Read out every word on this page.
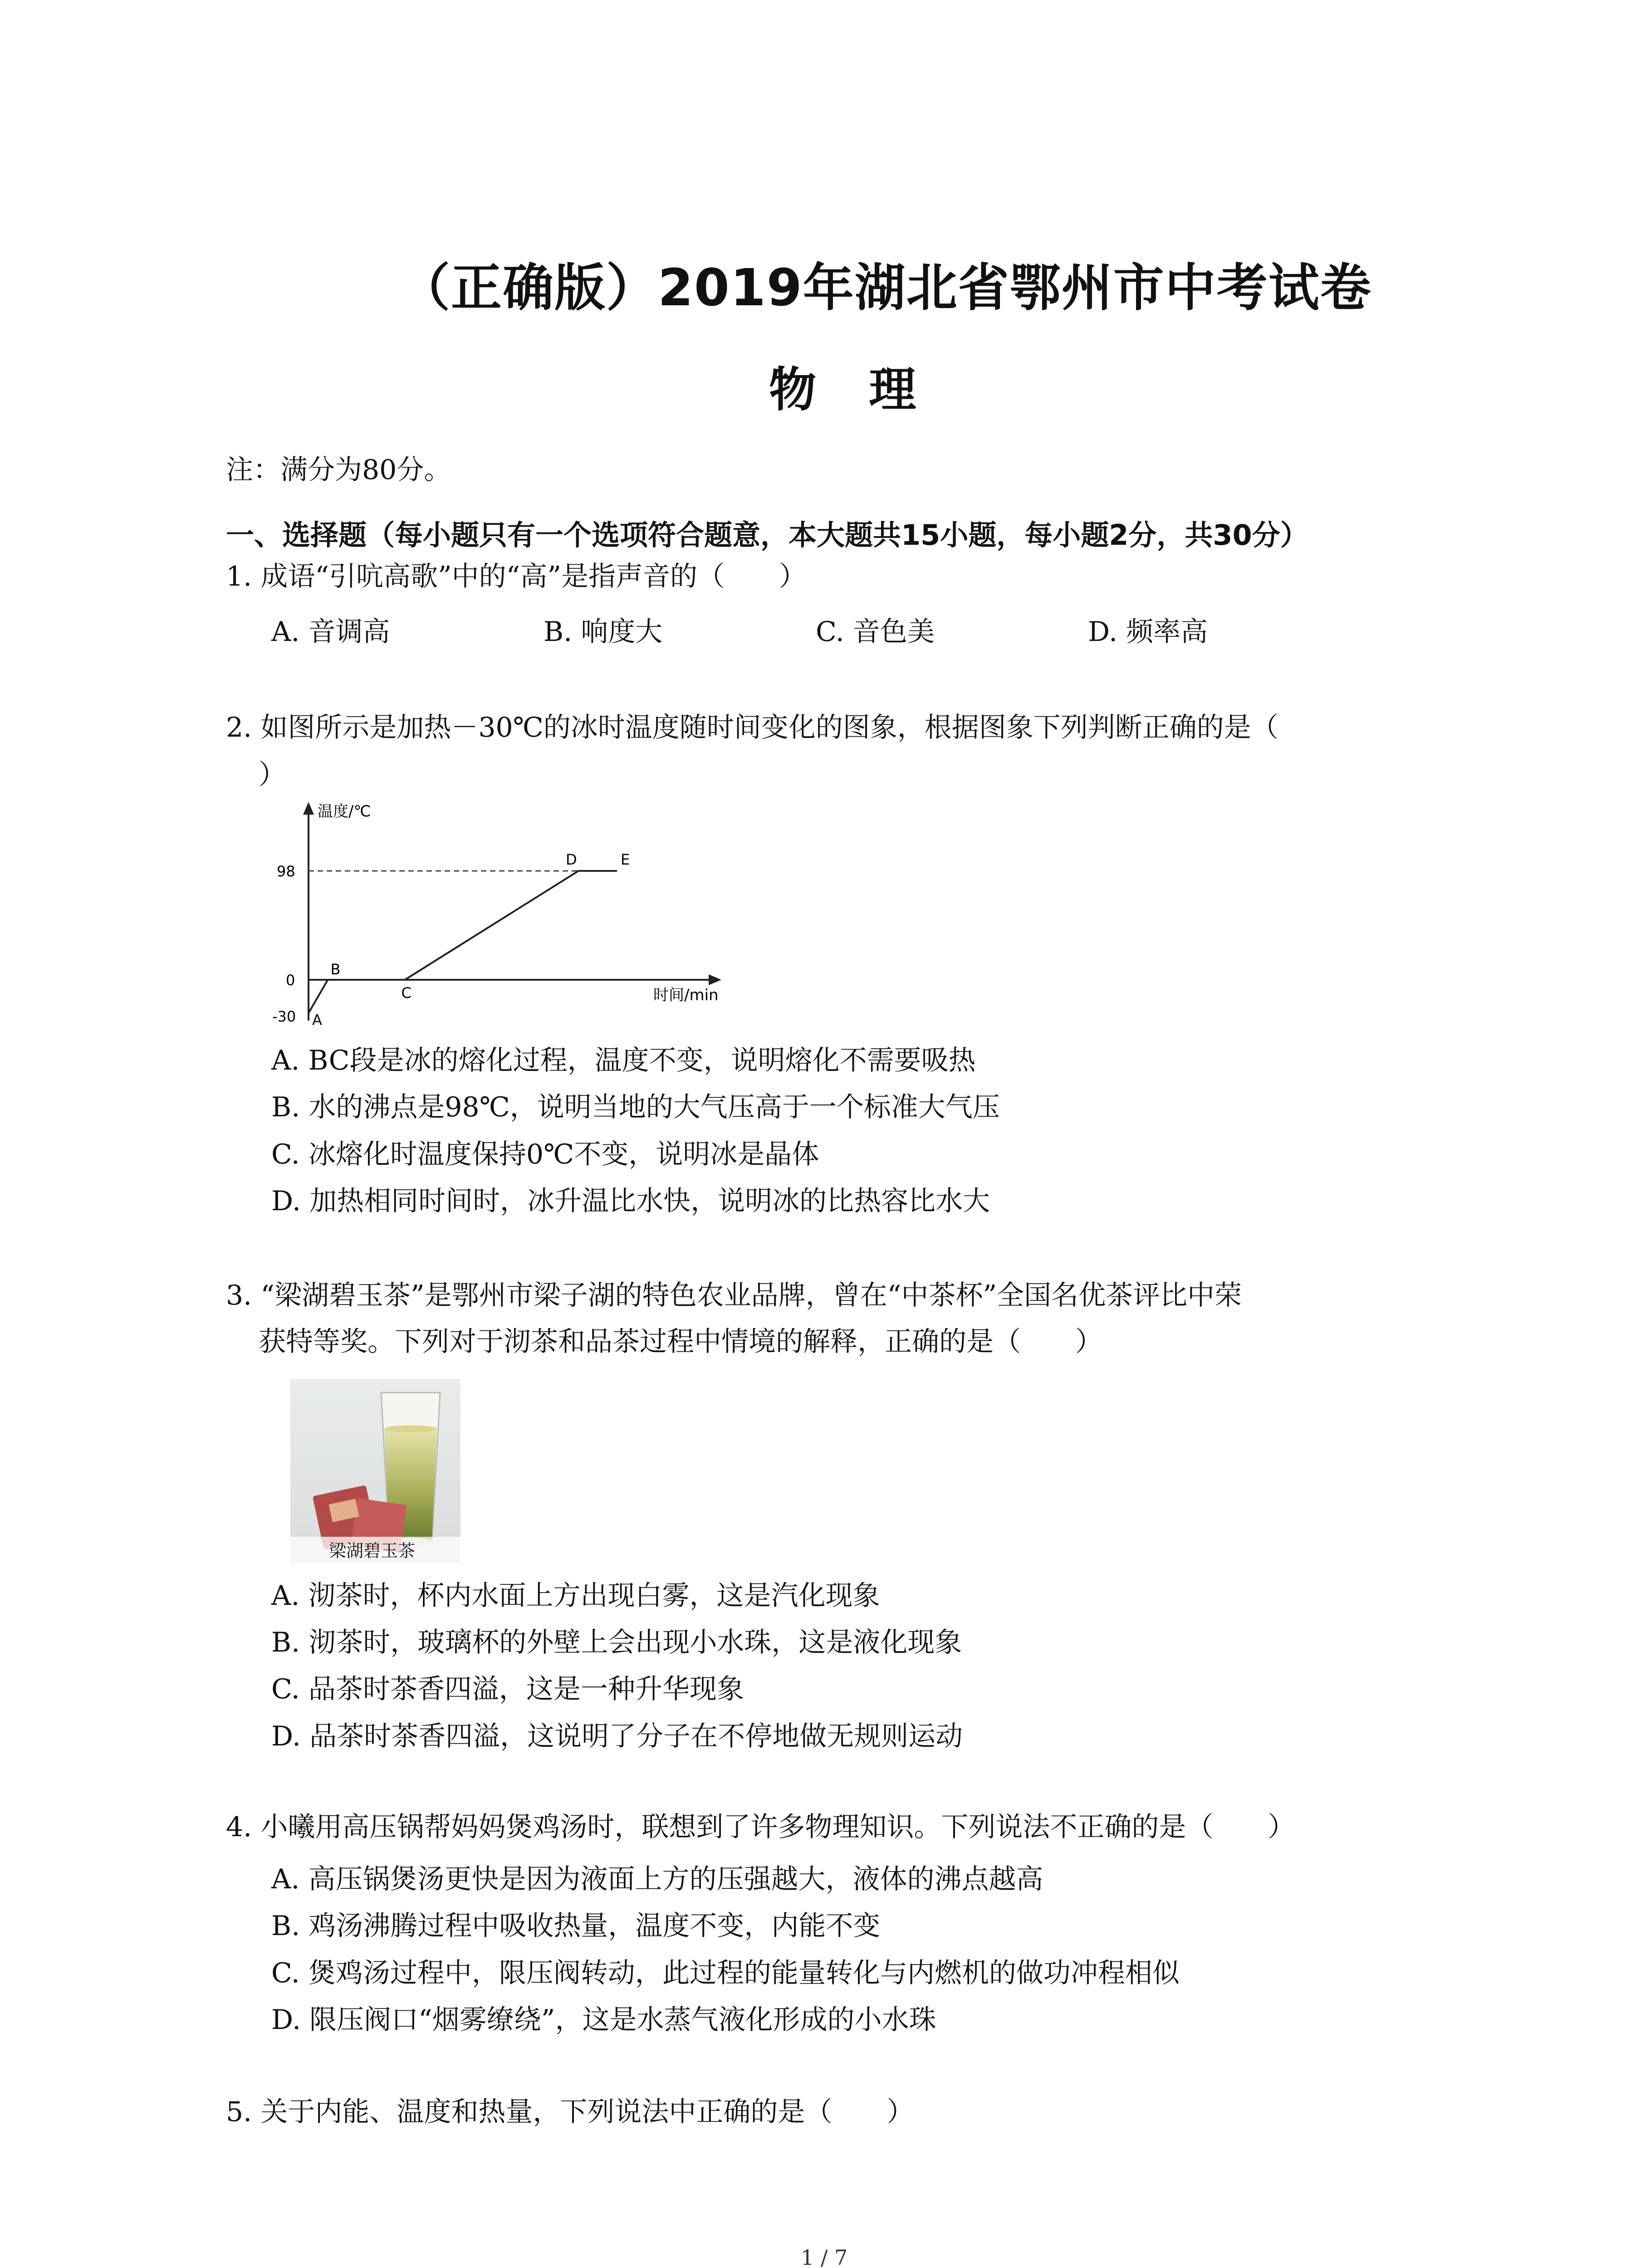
（正确版）2019年湖北省鄂州市中考试卷
物 理
注：满分为80分。
一、选择题（每小题只有一个选项符合题意，本大题共15小题，每小题2分，共30分）
1. 成语“引吭高歌”中的“高”是指声音的（　　）
A. 音调高	B. 响度大	C. 音色美	D. 频率高
2. 如图所示是加热－30℃的冰时温度随时间变化的图象，根据图象下列判断正确的是（
）
温度/℃
时间/min
98
0
-30 A
B
C
D	E
A. BC段是冰的熔化过程，温度不变，说明熔化不需要吸热
B. 水的沸点是98℃，说明当地的大气压高于一个标准大气压
C. 冰熔化时温度保持0℃不变，说明冰是晶体
D. 加热相同时间时，冰升温比水快，说明冰的比热容比水大
3. “梁湖碧玉茶”是鄂州市梁子湖的特色农业品牌，曾在“中茶杯”全国名优茶评比中荣
获特等奖。下列对于沏茶和品茶过程中情境的解释，正确的是（　　）
梁湖碧玉茶
A. 沏茶时，杯内水面上方出现白雾，这是汽化现象
B. 沏茶时，玻璃杯的外壁上会出现小水珠，这是液化现象
C. 品茶时茶香四溢，这是一种升华现象
D. 品茶时茶香四溢，这说明了分子在不停地做无规则运动
4. 小曦用高压锅帮妈妈煲鸡汤时，联想到了许多物理知识。下列说法不正确的是（　　）
A. 高压锅煲汤更快是因为液面上方的压强越大，液体的沸点越高
B. 鸡汤沸腾过程中吸收热量，温度不变，内能不变
C. 煲鸡汤过程中，限压阀转动，此过程的能量转化与内燃机的做功冲程相似
D. 限压阀口“烟雾缭绕”，这是水蒸气液化形成的小水珠
5. 关于内能、温度和热量，下列说法中正确的是（　　）
1 / 7
